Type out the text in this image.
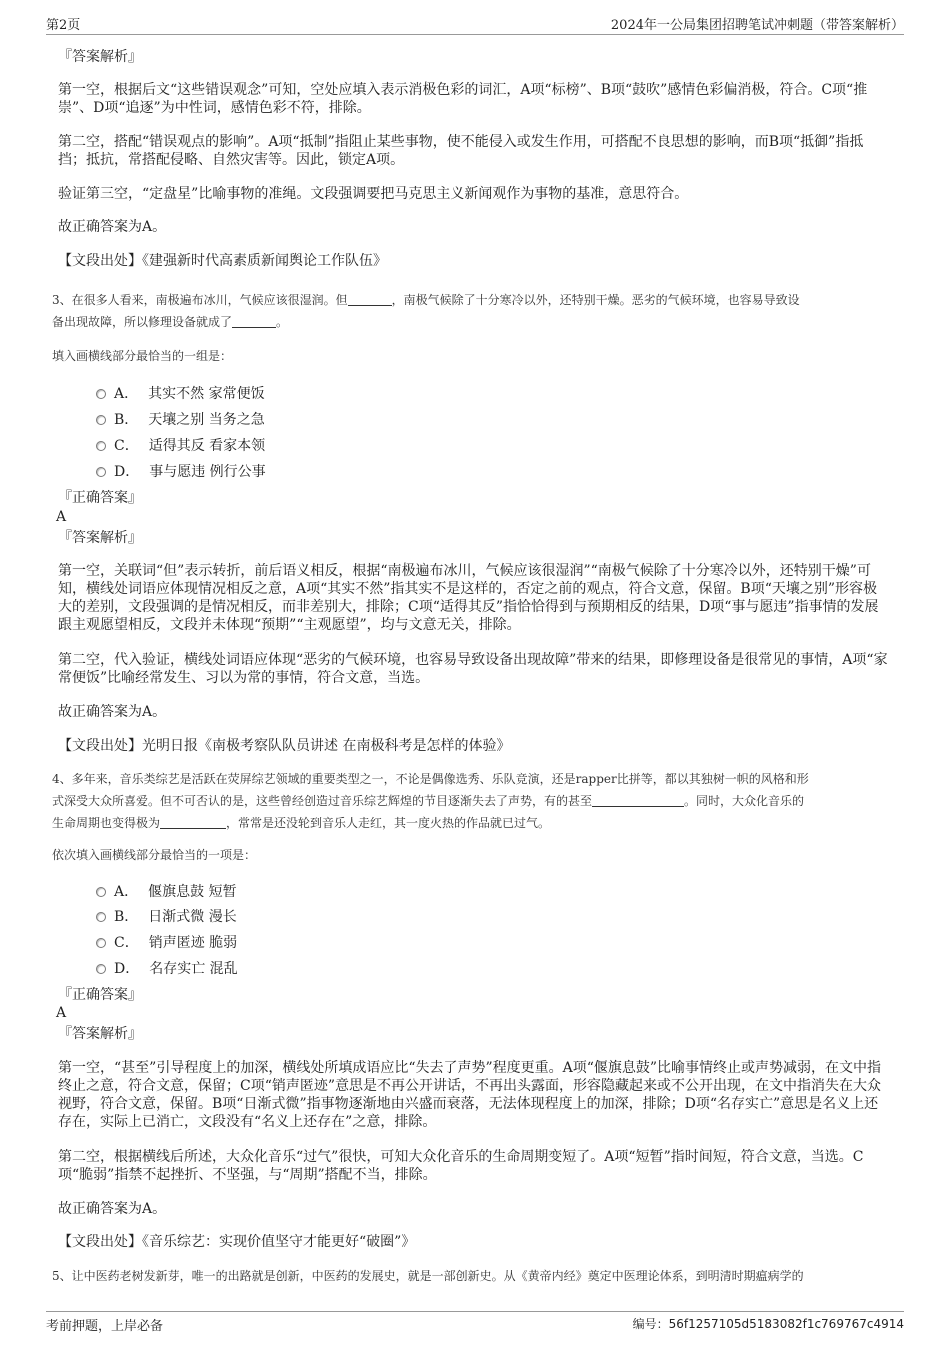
第2页	2024年一公局集团招聘笔试冲刺题（带答案解析）
『答案解析』
第一空，根据后文“这些错误观念”可知，空处应填入表示消极色彩的词汇，A项“标榜”、B项“鼓吹”感情色彩偏消极，符合。C项“推崇”、D项“追逐”为中性词，感情色彩不符，排除。
第二空，搭配“错误观点的影响”。A项“抵制”指阻止某些事物，使不能侵入或发生作用，可搭配不良思想的影响，而B项“抵御”指抵挡；抵抗，常搭配侵略、自然灾害等。因此，锁定A项。
验证第三空，“定盘星”比喻事物的准绳。文段强调要把马克思主义新闻观作为事物的基准，意思符合。
故正确答案为A。
【文段出处】《建强新时代高素质新闻舆论工作队伍》
3、在很多人看来，南极遍布冰川，气候应该很湿润。但	，南极气候除了十分寒冷以外，还特别干燥。恶劣的气候环境，也容易导致设
备出现故障，所以修理设备就成了	。
填入画横线部分最恰当的一组是：
A． 其实不然 家常便饭
B． 天壤之别 当务之急
C． 适得其反 看家本领
D． 事与愿违 例行公事
『正确答案』
A
『答案解析』
第一空，关联词“但”表示转折，前后语义相反，根据“南极遍布冰川，气候应该很湿润”“南极气候除了十分寒冷以外，还特别干燥”可知，横线处词语应体现情况相反之意，A项“其实不然”指其实不是这样的，否定之前的观点，符合文意，保留。B项“天壤之别”形容极大的差别，文段强调的是情况相反，而非差别大，排除；C项“适得其反”指恰恰得到与预期相反的结果，D项“事与愿违”指事情的发展跟主观愿望相反，文段并未体现“预期”“主观愿望”，均与文意无关，排除。
第二空，代入验证，横线处词语应体现“恶劣的气候环境，也容易导致设备出现故障”带来的结果，即修理设备是很常见的事情，A项“家常便饭”比喻经常发生、习以为常的事情，符合文意，当选。
故正确答案为A。
【文段出处】光明日报《南极考察队队员讲述 在南极科考是怎样的体验》
4、多年来，音乐类综艺是活跃在荧屏综艺领域的重要类型之一，不论是偶像选秀、乐队竞演，还是rapper比拼等，都以其独树一帜的风格和形
式深受大众所喜爱。但不可否认的是，这些曾经创造过音乐综艺辉煌的节目逐渐失去了声势，有的甚至	。同时，大众化音乐的
生命周期也变得极为	，常常是还没轮到音乐人走红，其一度火热的作品就已过气。
依次填入画横线部分最恰当的一项是：
A． 偃旗息鼓 短暂
B． 日渐式微 漫长
C． 销声匿迹 脆弱
D． 名存实亡 混乱
『正确答案』
A
『答案解析』
第一空，“甚至”引导程度上的加深，横线处所填成语应比“失去了声势”程度更重。A项“偃旗息鼓”比喻事情终止或声势减弱，在文中指终止之意，符合文意，保留；C项“销声匿迹”意思是不再公开讲话，不再出头露面，形容隐藏起来或不公开出现，在文中指消失在大众视野，符合文意，保留。B项“日渐式微”指事物逐渐地由兴盛而衰落，无法体现程度上的加深，排除；D项“名存实亡”意思是名义上还存在，实际上已消亡，文段没有“名义上还存在”之意，排除。
第二空，根据横线后所述，大众化音乐“过气”很快，可知大众化音乐的生命周期变短了。A项“短暂”指时间短，符合文意，当选。C项“脆弱”指禁不起挫折、不坚强，与“周期”搭配不当，排除。
故正确答案为A。
【文段出处】《音乐综艺：实现价值坚守才能更好“破圈”》
5、让中医药老树发新芽，唯一的出路就是创新，中医药的发展史，就是一部创新史。从《黄帝内经》奠定中医理论体系，到明清时期瘟病学的
考前押题，上岸必备	编号：56f1257105d5183082f1c769767c4914
